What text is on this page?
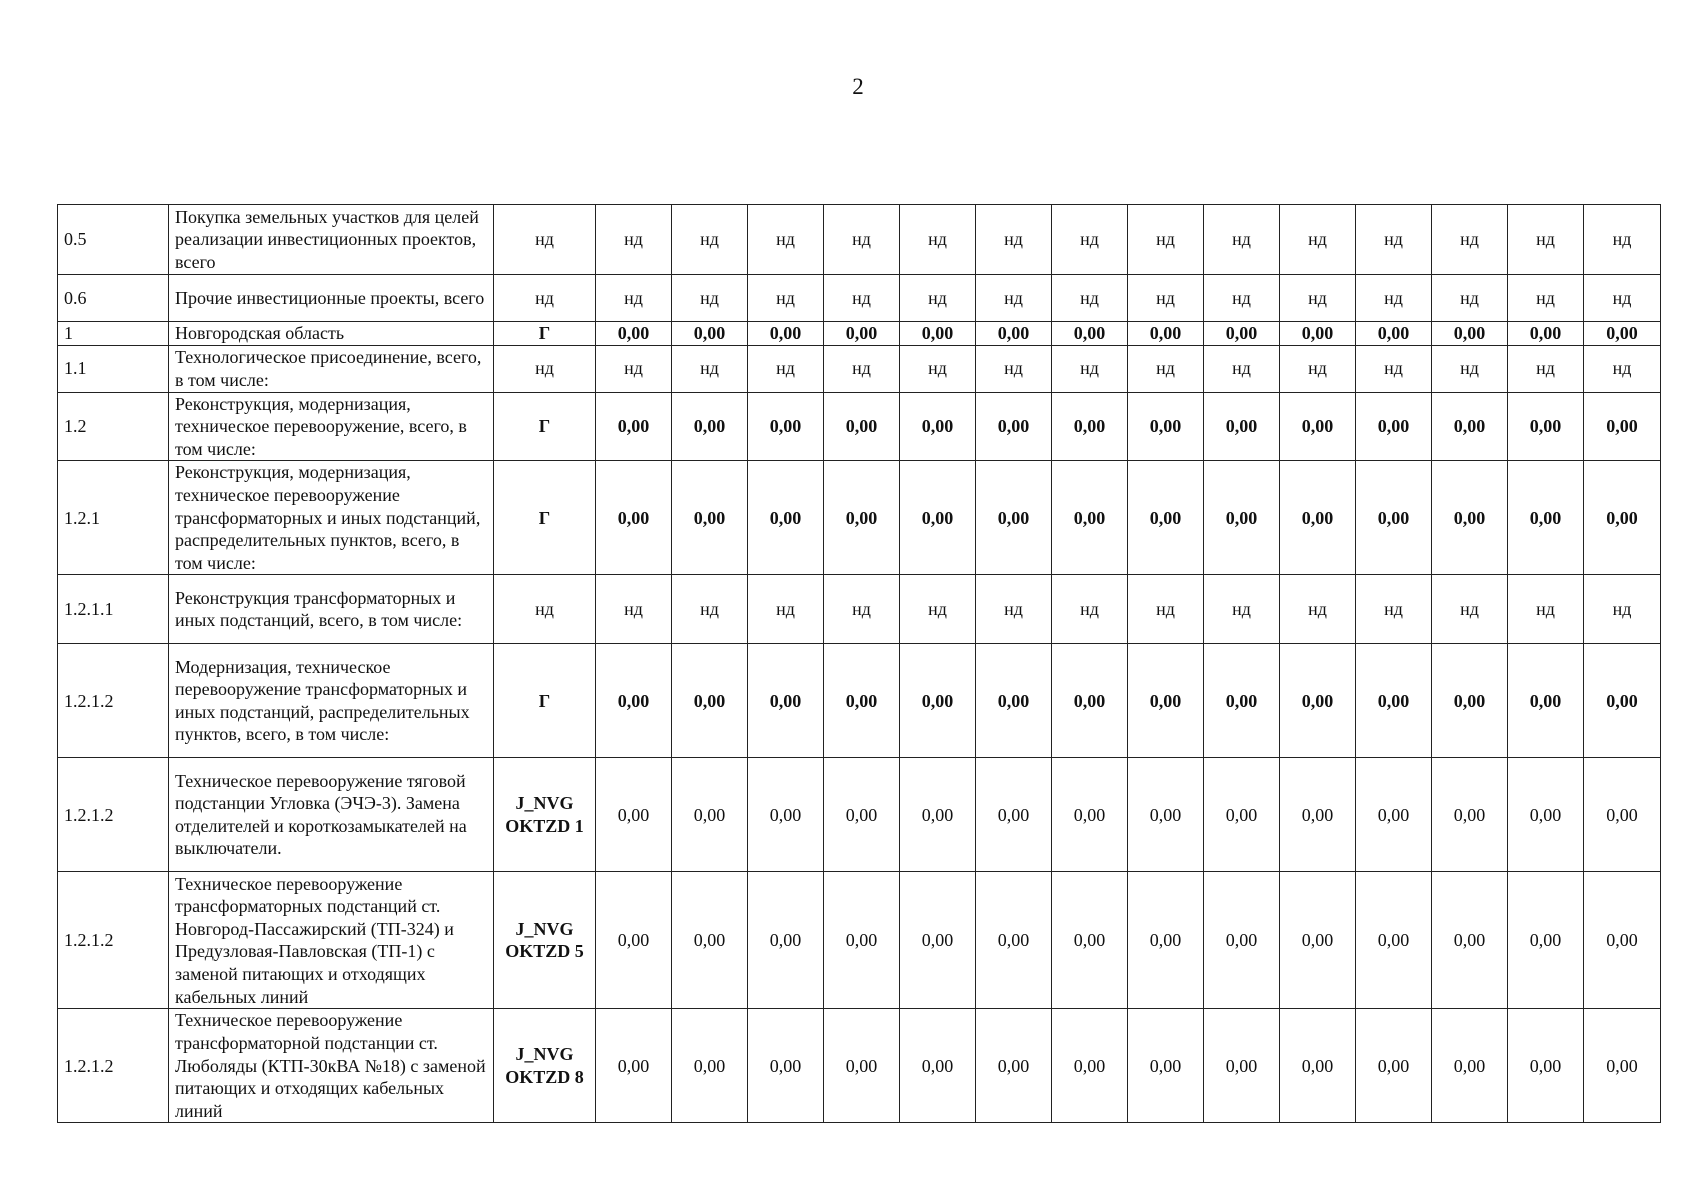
2
0.5	Покупка земельных участков для целей реализации инвестиционных проектов, всего	нд	нд	нд	нд	нд	нд	нд	нд	нд	нд	нд	нд	нд	нд	нд
0.6	Прочие инвестиционные проекты, всего	нд	нд	нд	нд	нд	нд	нд	нд	нд	нд	нд	нд	нд	нд	нд
1	Новгородская область	Г	0,00	0,00	0,00	0,00	0,00	0,00	0,00	0,00	0,00	0,00	0,00	0,00	0,00	0,00
1.1	Технологическое присоединение, всего, в том числе:	нд	нд	нд	нд	нд	нд	нд	нд	нд	нд	нд	нд	нд	нд	нд
1.2	Реконструкция, модернизация, техническое перевооружение, всего, в том числе:	Г	0,00	0,00	0,00	0,00	0,00	0,00	0,00	0,00	0,00	0,00	0,00	0,00	0,00	0,00
1.2.1	Реконструкция, модернизация, техническое перевооружение трансформаторных и иных подстанций, распределительных пунктов, всего, в том числе:	Г	0,00	0,00	0,00	0,00	0,00	0,00	0,00	0,00	0,00	0,00	0,00	0,00	0,00	0,00
1.2.1.1	Реконструкция трансформаторных и иных подстанций, всего, в том числе:	нд	нд	нд	нд	нд	нд	нд	нд	нд	нд	нд	нд	нд	нд	нд
1.2.1.2	Модернизация, техническое перевооружение трансформаторных и иных подстанций, распределительных пунктов, всего, в том числе:	Г	0,00	0,00	0,00	0,00	0,00	0,00	0,00	0,00	0,00	0,00	0,00	0,00	0,00	0,00
1.2.1.2	Техническое перевооружение тяговой подстанции Угловка (ЭЧЭ-3). Замена отделителей и короткозамыкателей на выключатели.	J_NVG OKTZD 1	0,00	0,00	0,00	0,00	0,00	0,00	0,00	0,00	0,00	0,00	0,00	0,00	0,00	0,00
1.2.1.2	Техническое перевооружение трансформаторных подстанций ст. Новгород-Пассажирский (ТП-324) и Предузловая-Павловская (ТП-1) с заменой питающих и отходящих кабельных линий	J_NVG OKTZD 5	0,00	0,00	0,00	0,00	0,00	0,00	0,00	0,00	0,00	0,00	0,00	0,00	0,00	0,00
1.2.1.2	Техническое перевооружение трансформаторной подстанции ст. Люболяды (КТП-30кВА №18) с заменой питающих и отходящих кабельных линий	J_NVG OKTZD 8	0,00	0,00	0,00	0,00	0,00	0,00	0,00	0,00	0,00	0,00	0,00	0,00	0,00	0,00
